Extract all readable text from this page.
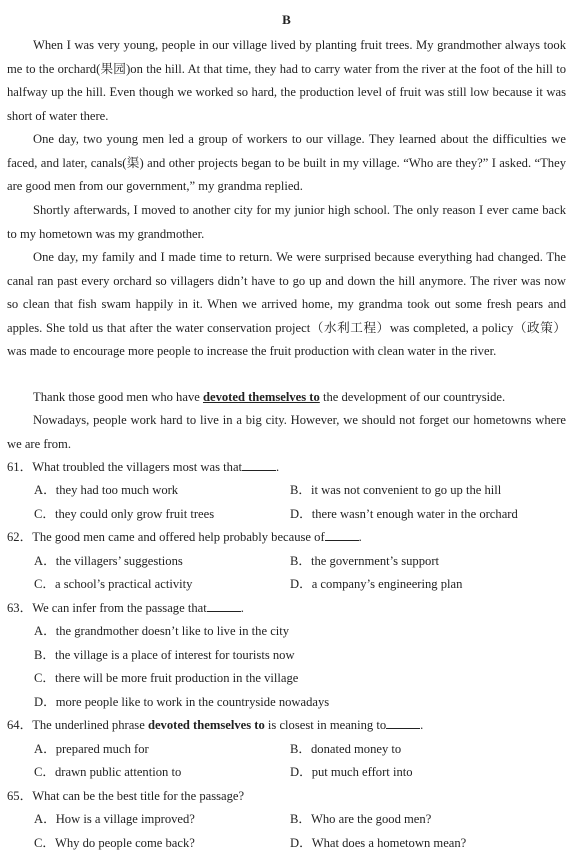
B

When I was very young, people in our village lived by planting fruit trees. My grandmother always took me to the orchard(果园)on the hill. At that time, they had to carry water from the river at the foot of the hill to halfway up the hill. Even though we worked so hard, the production level of fruit was still low because it was short of water there.

One day, two young men led a group of workers to our village. They learned about the difficulties we faced, and later, canals(渠) and other projects began to be built in my village. “Who are they?” I asked. “They are good men from our government,” my grandma replied.

Shortly afterwards, I moved to another city for my junior high school. The only reason I ever came back to my hometown was my grandmother.

One day, my family and I made time to return. We were surprised because everything had changed. The canal ran past every orchard so villagers didn’t have to go up and down the hill anymore. The river was now so clean that fish swam happily in it. When we arrived home, my grandma took out some fresh pears and apples. She told us that after the water conservation project（水利工程）was completed, a policy（政策）was made to encourage more people to increase the fruit production with clean water in the river.

Thank those good men who have devoted themselves to the development of our countryside.

Nowadays, people work hard to live in a big city. However, we should not forget our hometowns where we are from.

61．What troubled the villagers most was that	.
A．they had too much work	B．it was not convenient to go up the hill
C．they could only grow fruit trees	D．there wasn’t enough water in the orchard
62．The good men came and offered help probably because of	.
A．the villagers’ suggestions	B．the government’s support
C．a school’s practical activity	D．a company’s engineering plan
63．We can infer from the passage that	.
A．the grandmother doesn’t like to live in the city
B．the village is a place of interest for tourists now
C．there will be more fruit production in the village
D．more people like to work in the countryside nowadays
64．The underlined phrase devoted themselves to is closest in meaning to	.
A．prepared much for	B．donated money to
C．drawn public attention to	D．put much effort into
65．What can be the best title for the passage?
A．How is a village improved?	B．Who are the good men?
C．Why do people come back?	D．What does a hometown mean?
